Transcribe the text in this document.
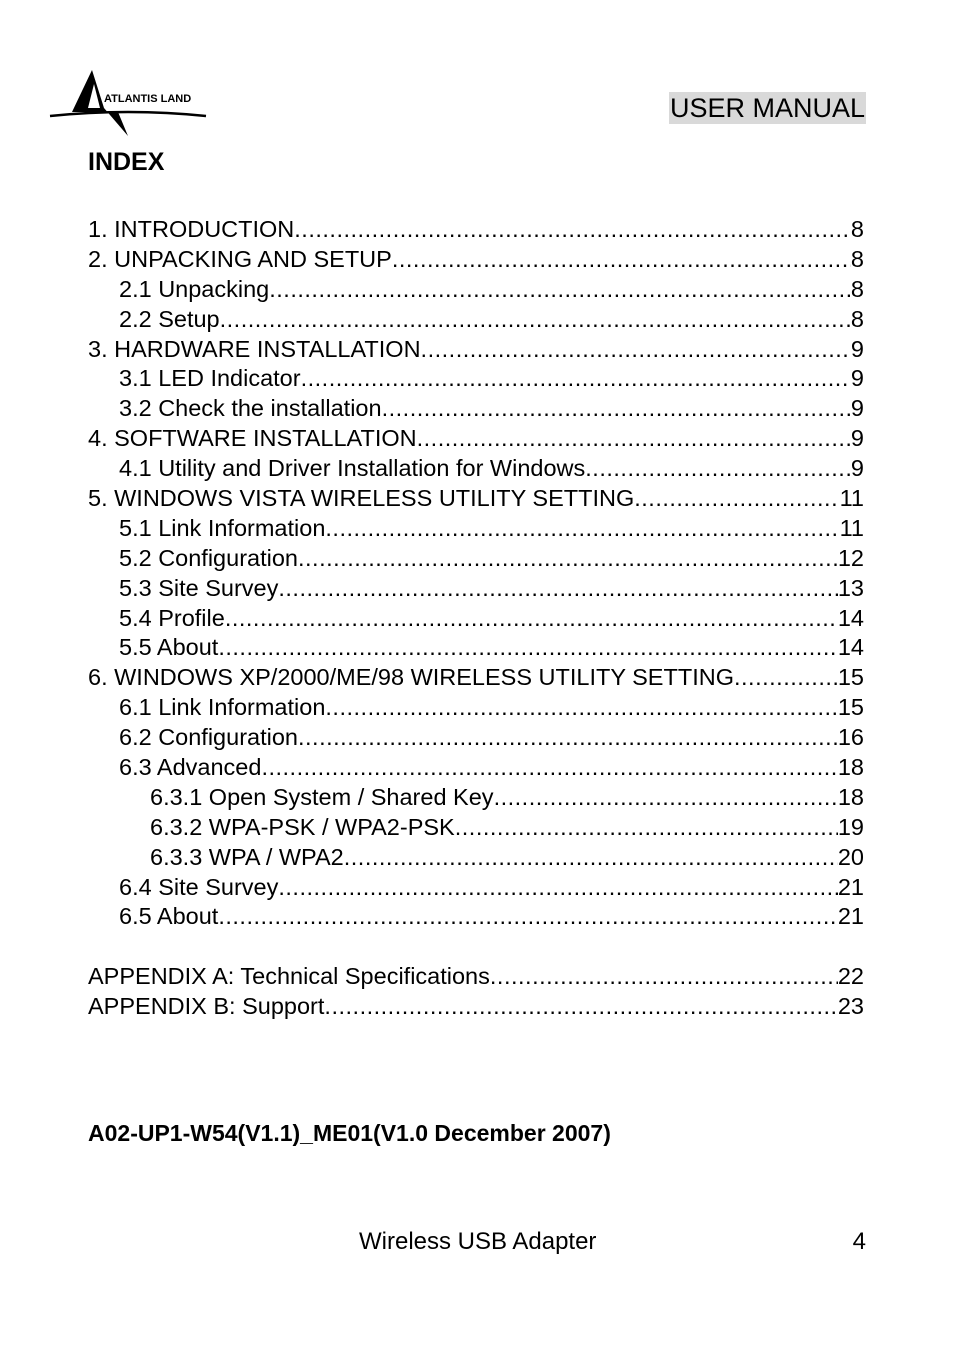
ATLANTIS LAND	USER MANUAL
INDEX
1. INTRODUCTION .....	8
2. UNPACKING AND SETUP .....	8
2.1 Unpacking .....	8
2.2 Setup .....	8
3. HARDWARE INSTALLATION .....	9
3.1 LED Indicator .....	9
3.2 Check the installation .....	9
4. SOFTWARE INSTALLATION .....	9
4.1 Utility and Driver Installation for Windows .....	9
5. WINDOWS VISTA WIRELESS UTILITY SETTING .....	11
5.1 Link Information .....	11
5.2 Configuration .....	12
5.3 Site Survey .....	13
5.4 Profile .....	14
5.5 About .....	14
6. WINDOWS XP/2000/ME/98 WIRELESS UTILITY SETTING .....	15
6.1 Link Information .....	15
6.2 Configuration .....	16
6.3 Advanced .....	18
6.3.1 Open System / Shared Key .....	18
6.3.2 WPA-PSK / WPA2-PSK .....	19
6.3.3 WPA / WPA2 .....	20
6.4 Site Survey .....	21
6.5 About .....	21
APPENDIX A: Technical Specifications .....	22
APPENDIX B: Support .....	23
A02-UP1-W54(V1.1)_ME01(V1.0 December 2007)
Wireless USB Adapter	4
